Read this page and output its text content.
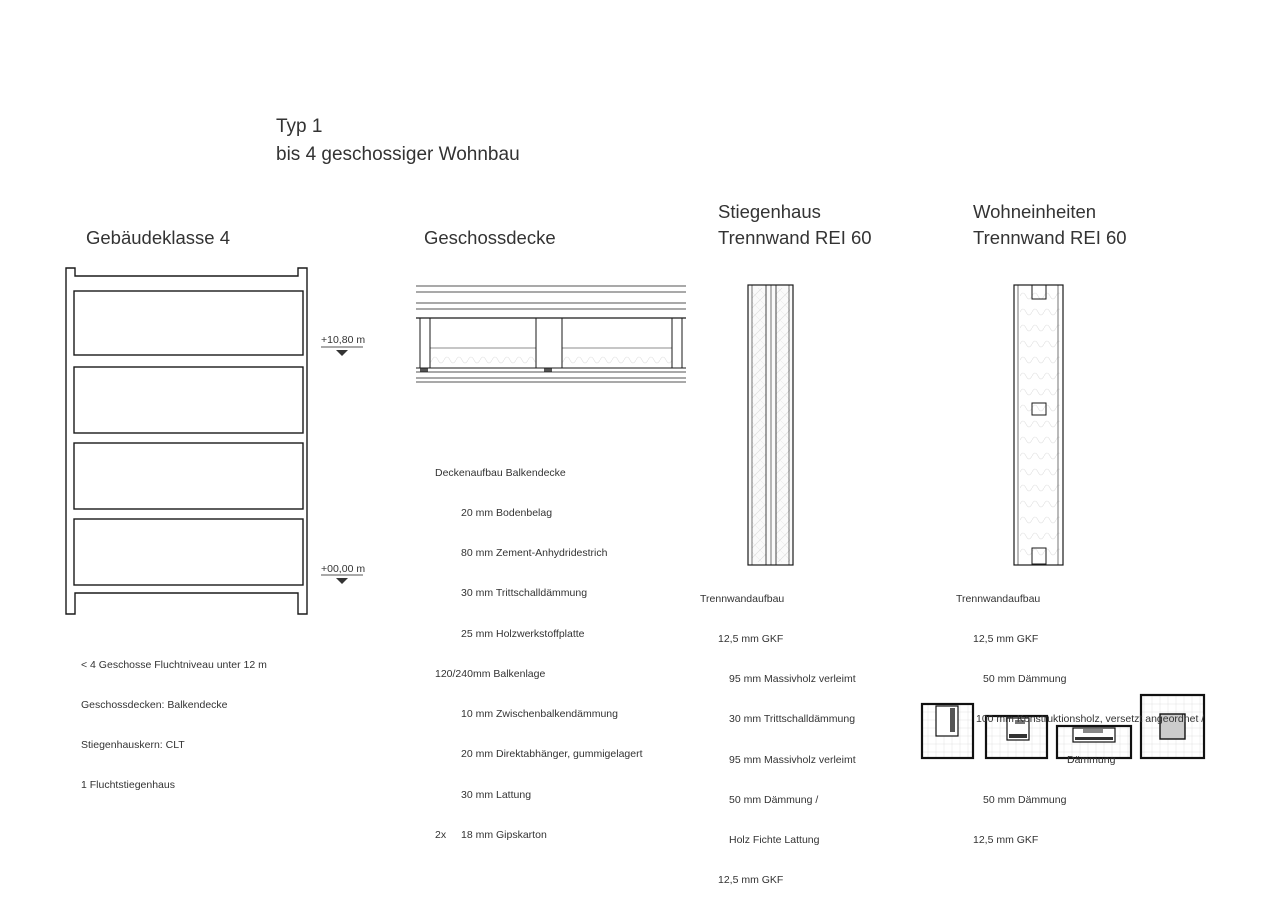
Typ 1
bis 4 geschossiger Wohnbau
Gebäudeklasse 4	Geschossdecke
Stiegenhaus
Trennwand REI 60
Wohneinheiten
Trennwand REI 60
+10,80 m
+00,00 m

< 4 Geschosse Fluchtniveau unter 12 m

Geschossdecken: Balkendecke

Stiegenhauskern: CLT

1 Fluchtstiegenhaus

Deckenaufbau Balkendecke

20 mm Bodenbelag

80 mm Zement-Anhydridestrich

30 mm Trittschalldämmung

25 mm Holzwerkstoffplatte

120/240mm Balkenlage

10 mm Zwischenbalkendämmung

20 mm Direktabhänger, gummigelagert

30 mm Lattung

2x 18 mm Gipskarton

Trennwandaufbau

12,5 mm GKF

95 mm Massivholz verleimt

30 mm Trittschalldämmung

95 mm Massivholz verleimt

50 mm Dämmung /

Holz Fichte Lattung

12,5 mm GKF

Trennwandaufbau

12,5 mm GKF

50 mm Dämmung

100 mm Konstruktionsholz, versetzt angeordnet /

Dämmung

50 mm Dämmung

12,5 mm GKF
